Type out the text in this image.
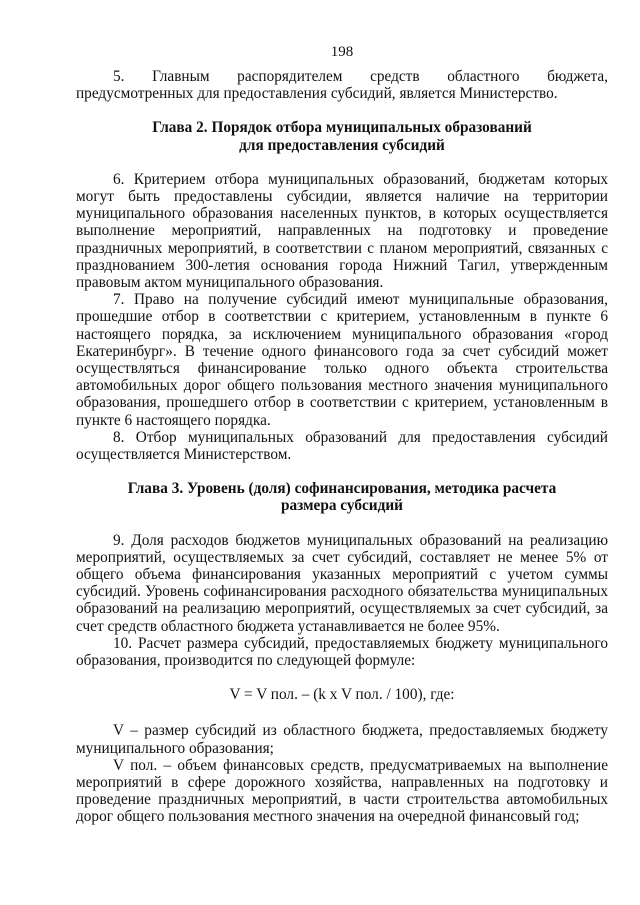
198

5. Главным распорядителем средств областного бюджета, предусмотренных для предоставления субсидий, является Министерство.

Глава 2. Порядок отбора муниципальных образований
для предоставления субсидий

6. Критерием отбора муниципальных образований, бюджетам которых могут быть предоставлены субсидии, является наличие на территории муниципального образования населенных пунктов, в которых осуществляется выполнение мероприятий, направленных на подготовку и проведение праздничных мероприятий, в соответствии с планом мероприятий, связанных с празднованием 300-летия основания города Нижний Тагил, утвержденным правовым актом муниципального образования.

7. Право на получение субсидий имеют муниципальные образования, прошедшие отбор в соответствии с критерием, установленным в пункте 6 настоящего порядка, за исключением муниципального образования «город Екатеринбург». В течение одного финансового года за счет субсидий может осуществляться финансирование только одного объекта строительства автомобильных дорог общего пользования местного значения муниципального образования, прошедшего отбор в соответствии с критерием, установленным в пункте 6 настоящего порядка.

8. Отбор муниципальных образований для предоставления субсидий осуществляется Министерством.

Глава 3. Уровень (доля) софинансирования, методика расчета
размера субсидий

9. Доля расходов бюджетов муниципальных образований на реализацию мероприятий, осуществляемых за счет субсидий, составляет не менее 5% от общего объема финансирования указанных мероприятий с учетом суммы субсидий. Уровень софинансирования расходного обязательства муниципальных образований на реализацию мероприятий, осуществляемых за счет субсидий, за счет средств областного бюджета устанавливается не более 95%.

10. Расчет размера субсидий, предоставляемых бюджету муниципального образования, производится по следующей формуле:

V = V пол. – (k x V пол. / 100), где:

V – размер субсидий из областного бюджета, предоставляемых бюджету муниципального образования;

V пол. – объем финансовых средств, предусматриваемых на выполнение мероприятий в сфере дорожного хозяйства, направленных на подготовку и проведение праздничных мероприятий, в части строительства автомобильных дорог общего пользования местного значения на очередной финансовый год;
